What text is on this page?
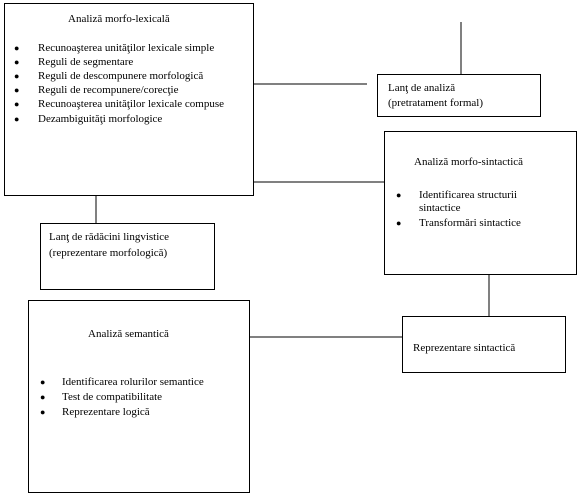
Analiză morfo-lexicală
● Recunoaşterea unităţilor lexicale simple
● Reguli de segmentare
● Reguli de descompunere morfologică
● Reguli de recompunere/corecţie
● Recunoaşterea unităţilor lexicale compuse
● Dezambiguităţi morfologice
Lanţ de analiză
(pretratament formal)
Analiză morfo-sintactică
● Identificarea structurii sintactice
● Transformări sintactice
Lanţ de rădăcini lingvistice
(reprezentare morfologică)
Analiză semantică
● Identificarea rolurilor semantice
● Test de compatibilitate
● Reprezentare logică
Reprezentare sintactică
